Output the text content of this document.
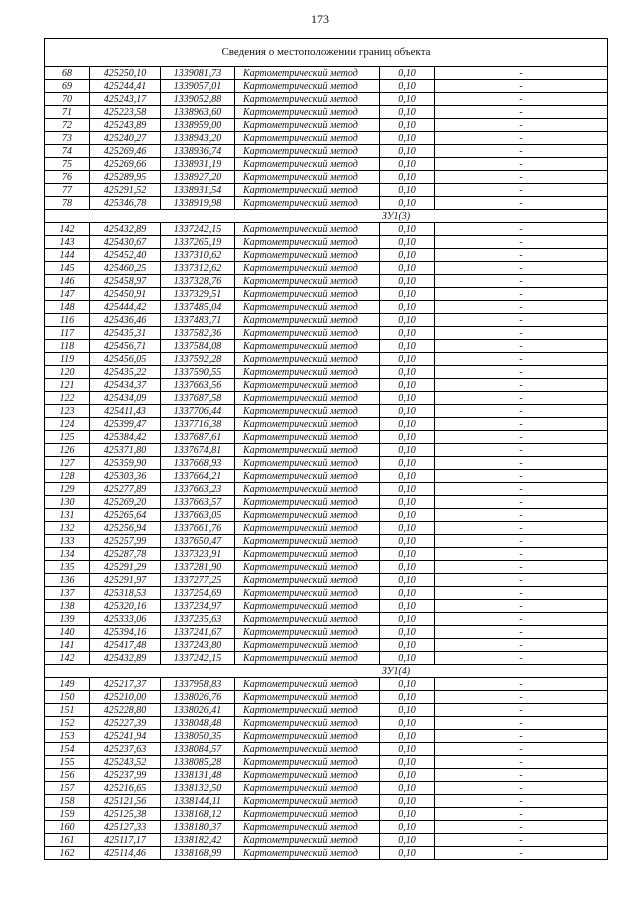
173
Сведения о местоположении границ объекта					
68	425250,10	1339081,73	Картометрический метод	0,10	-
69	425244,41	1339057,01	Картометрический метод	0,10	-
70	425243,17	1339052,88	Картометрический метод	0,10	-
71	425223,58	1338963,60	Картометрический метод	0,10	-
72	425243,89	1338959,00	Картометрический метод	0,10	-
73	425240,27	1338943,20	Картометрический метод	0,10	-
74	425269,46	1338936,74	Картометрический метод	0,10	-
75	425269,66	1338931,19	Картометрический метод	0,10	-
76	425289,95	1338927,20	Картометрический метод	0,10	-
77	425291,52	1338931,54	Картометрический метод	0,10	-
78	425346,78	1338919,98	Картометрический метод	0,10	-
ЗУ1(3)					
142	425432,89	1337242,15	Картометрический метод	0,10	-
143	425430,67	1337265,19	Картометрический метод	0,10	-
144	425452,40	1337310,62	Картометрический метод	0,10	-
145	425460,25	1337312,62	Картометрический метод	0,10	-
146	425458,97	1337328,76	Картометрический метод	0,10	-
147	425450,91	1337329,51	Картометрический метод	0,10	-
148	425444,42	1337485,04	Картометрический метод	0,10	-
116	425436,46	1337483,71	Картометрический метод	0,10	-
117	425435,31	1337582,36	Картометрический метод	0,10	-
118	425456,71	1337584,08	Картометрический метод	0,10	-
119	425456,05	1337592,28	Картометрический метод	0,10	-
120	425435,22	1337590,55	Картометрический метод	0,10	-
121	425434,37	1337663,56	Картометрический метод	0,10	-
122	425434,09	1337687,58	Картометрический метод	0,10	-
123	425411,43	1337706,44	Картометрический метод	0,10	-
124	425399,47	1337716,38	Картометрический метод	0,10	-
125	425384,42	1337687,61	Картометрический метод	0,10	-
126	425371,80	1337674,81	Картометрический метод	0,10	-
127	425359,90	1337668,93	Картометрический метод	0,10	-
128	425303,36	1337664,21	Картометрический метод	0,10	-
129	425277,89	1337663,23	Картометрический метод	0,10	-
130	425269,20	1337663,57	Картометрический метод	0,10	-
131	425265,64	1337663,05	Картометрический метод	0,10	-
132	425256,94	1337661,76	Картометрический метод	0,10	-
133	425257,99	1337650,47	Картометрический метод	0,10	-
134	425287,78	1337323,91	Картометрический метод	0,10	-
135	425291,29	1337281,90	Картометрический метод	0,10	-
136	425291,97	1337277,25	Картометрический метод	0,10	-
137	425318,53	1337254,69	Картометрический метод	0,10	-
138	425320,16	1337234,97	Картометрический метод	0,10	-
139	425333,06	1337235,63	Картометрический метод	0,10	-
140	425394,16	1337241,67	Картометрический метод	0,10	-
141	425417,48	1337243,80	Картометрический метод	0,10	-
142	425432,89	1337242,15	Картометрический метод	0,10	-
ЗУ1(4)					
149	425217,37	1337958,83	Картометрический метод	0,10	-
150	425210,00	1338026,76	Картометрический метод	0,10	-
151	425228,80	1338026,41	Картометрический метод	0,10	-
152	425227,39	1338048,48	Картометрический метод	0,10	-
153	425241,94	1338050,35	Картометрический метод	0,10	-
154	425237,63	1338084,57	Картометрический метод	0,10	-
155	425243,52	1338085,28	Картометрический метод	0,10	-
156	425237,99	1338131,48	Картометрический метод	0,10	-
157	425216,65	1338132,50	Картометрический метод	0,10	-
158	425121,56	1338144,11	Картометрический метод	0,10	-
159	425125,38	1338168,12	Картометрический метод	0,10	-
160	425127,33	1338180,37	Картометрический метод	0,10	-
161	425117,17	1338182,42	Картометрический метод	0,10	-
162	425114,46	1338168,99	Картометрический метод	0,10	-
